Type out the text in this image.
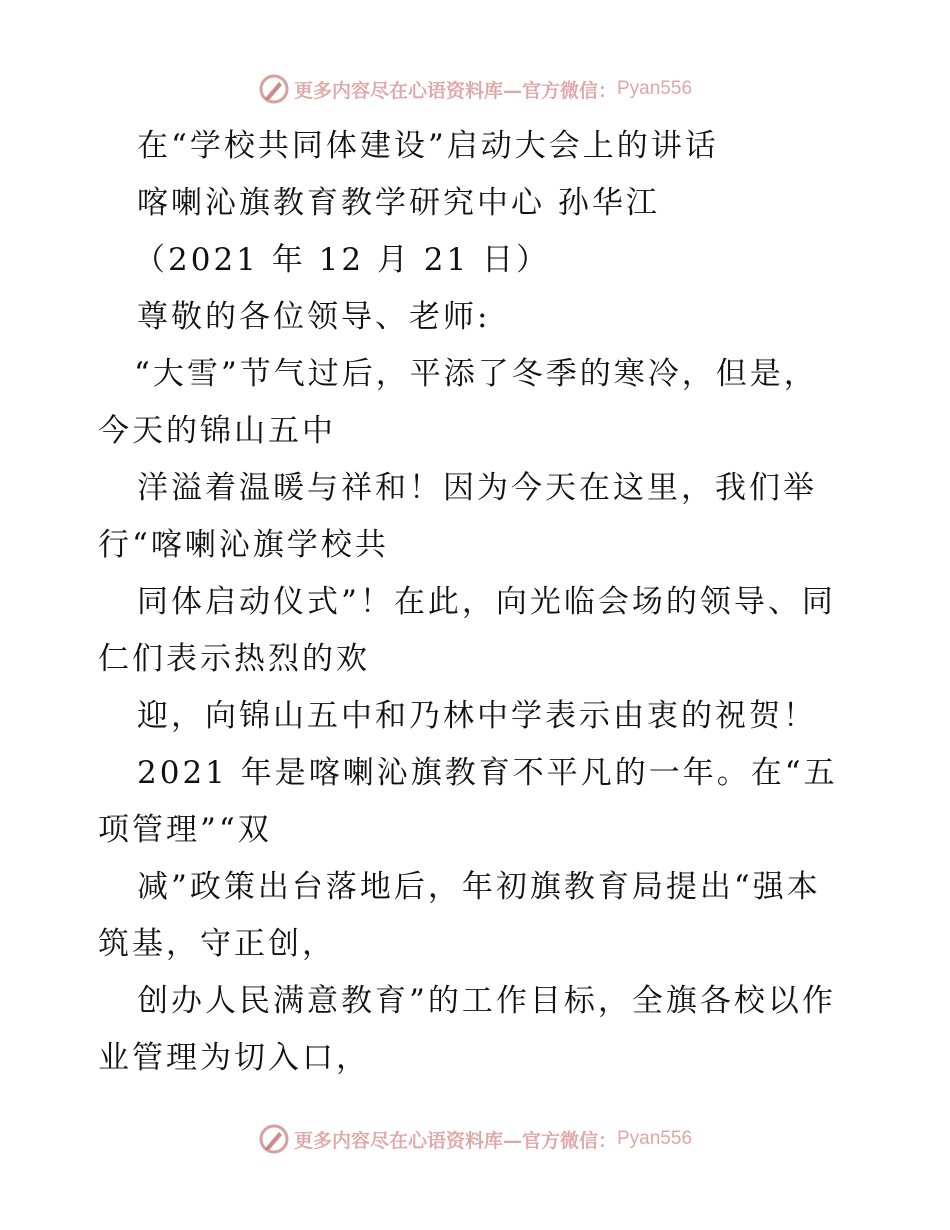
更多内容尽在心语资料库—官方微信： Pyan556
在“学校共同体建设”启动大会上的讲话
喀喇沁旗教育教学研究中心 孙华江
（2021 年 12 月 21 日）
尊敬的各位领导、老师:
“大雪”节气过后，平添了冬季的寒冷，但是，
今天的锦山五中
洋溢着温暖与祥和！因为今天在这里，我们举
行“喀喇沁旗学校共
同体启动仪式”！在此，向光临会场的领导、同
仁们表示热烈的欢
迎，向锦山五中和乃林中学表示由衷的祝贺！
2021 年是喀喇沁旗教育不平凡的一年。在“五
项管理”“双
减”政策出台落地后，年初旗教育局提出“强本
筑基，守正创，
创办人民满意教育”的工作目标，全旗各校以作
业管理为切入口，
更多内容尽在心语资料库—官方微信： Pyan556
